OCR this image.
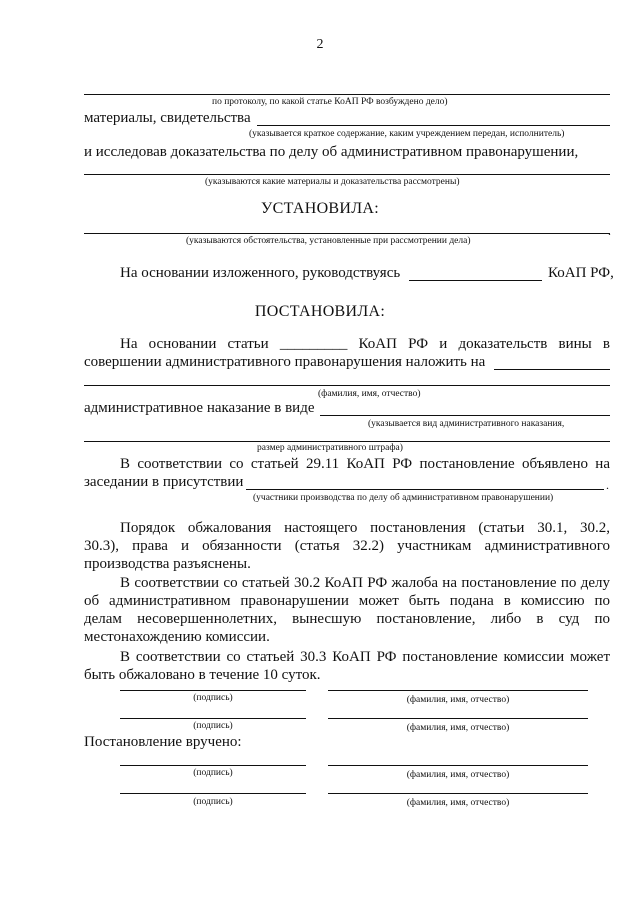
2
по протоколу, по какой статье КоАП РФ возбуждено дело)
материалы, свидетельства
(указывается краткое содержание, каким учреждением передан, исполнитель)
и исследовав доказательства по делу об административном правонарушении,
(указываются какие материалы и доказательства рассмотрены)
УСТАНОВИЛА:
.
(указываются обстоятельства, установленные при рассмотрении дела)
На основании изложенного, руководствуясь	КоАП РФ,
ПОСТАНОВИЛА:
На основании статьи _________ КоАП РФ и доказательств вины в
совершении административного правонарушения наложить на
(фамилия, имя, отчество)
административное наказание в виде
(указывается вид административного наказания,
размер административного штрафа)
В соответствии со статьей 29.11 КоАП РФ постановление объявлено на
заседании в присутствии	.
(участники производства по делу об административном правонарушении)
Порядок обжалования настоящего постановления (статьи 30.1, 30.2,
30.3), права и обязанности (статья 32.2) участникам административного
производства разъяснены.
В соответствии со статьей 30.2 КоАП РФ жалоба на постановление по делу
об административном правонарушении может быть подана в комиссию по
делам несовершеннолетних, вынесшую постановление, либо в суд по
местонахождению комиссии.
В соответствии со статьей 30.3 КоАП РФ постановление комиссии может
быть обжаловано в течение 10 суток.
(подпись)	(фамилия, имя, отчество)
(подпись)	(фамилия, имя, отчество)
Постановление вручено:
(подпись)	(фамилия, имя, отчество)
(подпись)	(фамилия, имя, отчество)
